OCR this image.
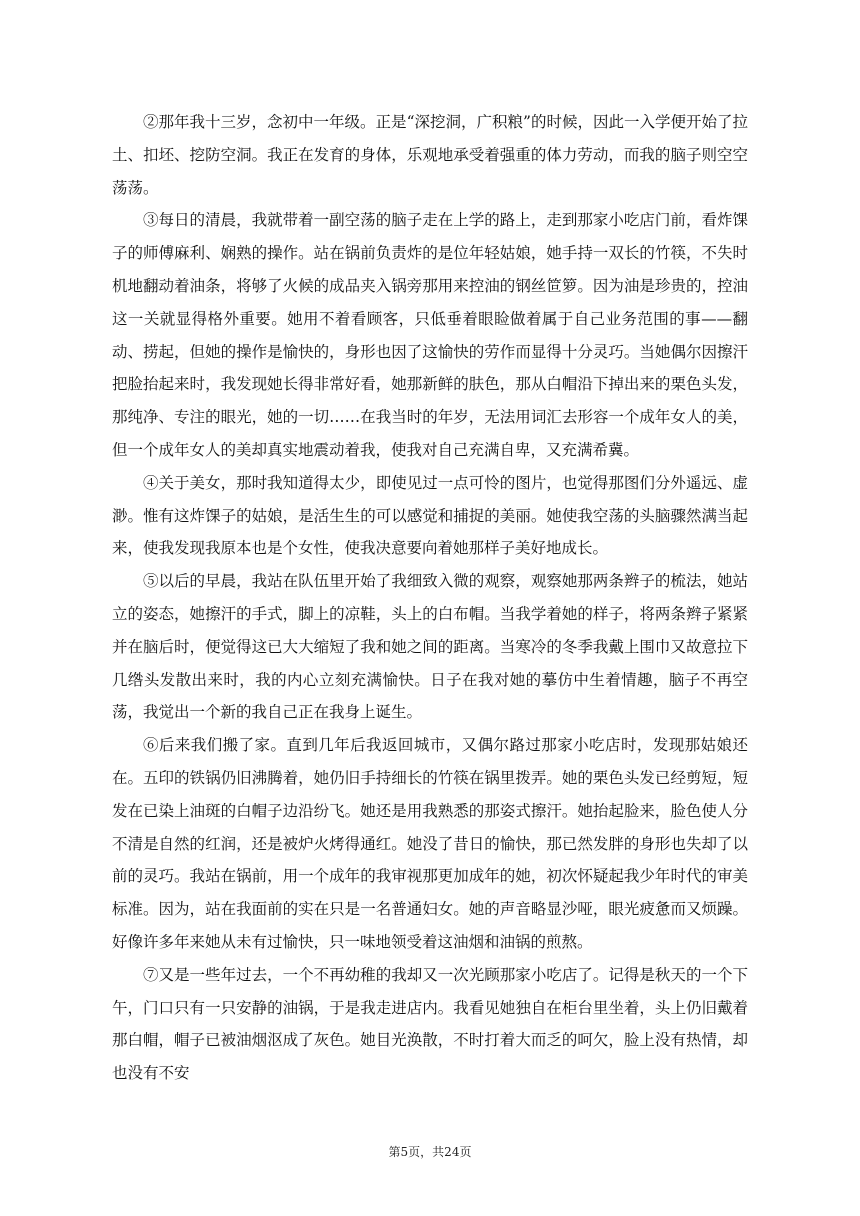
②那年我十三岁，念初中一年级。正是“深挖洞，广积粮”的时候，因此一入学便开始了拉土、扣坯、挖防空洞。我正在发育的身体，乐观地承受着强重的体力劳动，而我的脑子则空空荡荡。

③每日的清晨，我就带着一副空荡的脑子走在上学的路上，走到那家小吃店门前，看炸馃子的师傅麻利、娴熟的操作。站在锅前负责炸的是位年轻姑娘，她手持一双长的竹筷，不失时机地翻动着油条，将够了火候的成品夹入锅旁那用来控油的钢丝笸箩。因为油是珍贵的，控油这一关就显得格外重要。她用不着看顾客，只低垂着眼睑做着属于自己业务范围的事——翻动、捞起，但她的操作是愉快的，身形也因了这愉快的劳作而显得十分灵巧。当她偶尔因擦汗把脸抬起来时，我发现她长得非常好看，她那新鲜的肤色，那从白帽沿下掉出来的栗色头发，那纯净、专注的眼光，她的一切……在我当时的年岁，无法用词汇去形容一个成年女人的美，但一个成年女人的美却真实地震动着我，使我对自己充满自卑，又充满希冀。

④关于美女，那时我知道得太少，即使见过一点可怜的图片，也觉得那图们分外遥远、虚渺。惟有这炸馃子的姑娘，是活生生的可以感觉和捕捉的美丽。她使我空荡的头脑骤然满当起来，使我发现我原本也是个女性，使我决意要向着她那样子美好地成长。

⑤以后的早晨，我站在队伍里开始了我细致入微的观察，观察她那两条辫子的梳法，她站立的姿态，她擦汗的手式，脚上的凉鞋，头上的白布帽。当我学着她的样子，将两条辫子紧紧并在脑后时，便觉得这已大大缩短了我和她之间的距离。当寒冷的冬季我戴上围巾又故意拉下几绺头发散出来时，我的内心立刻充满愉快。日子在我对她的摹仿中生着情趣，脑子不再空荡，我觉出一个新的我自己正在我身上诞生。

⑥后来我们搬了家。直到几年后我返回城市，又偶尔路过那家小吃店时，发现那姑娘还在。五印的铁锅仍旧沸腾着，她仍旧手持细长的竹筷在锅里拨弄。她的栗色头发已经剪短，短发在已染上油斑的白帽子边沿纷飞。她还是用我熟悉的那姿式擦汗。她抬起脸来，脸色使人分不清是自然的红润，还是被炉火烤得通红。她没了昔日的愉快，那已然发胖的身形也失却了以前的灵巧。我站在锅前，用一个成年的我审视那更加成年的她，初次怀疑起我少年时代的审美标准。因为，站在我面前的实在只是一名普通妇女。她的声音略显沙哑，眼光疲惫而又烦躁。好像许多年来她从未有过愉快，只一味地领受着这油烟和油锅的煎熬。

⑦又是一些年过去，一个不再幼稚的我却又一次光顾那家小吃店了。记得是秋天的一个下午，门口只有一只安静的油锅，于是我走进店内。我看见她独自在柜台里坐着，头上仍旧戴着那白帽，帽子已被油烟沤成了灰色。她目光涣散，不时打着大而乏的呵欠，脸上没有热情，却也没有不安

第5页，共24页
